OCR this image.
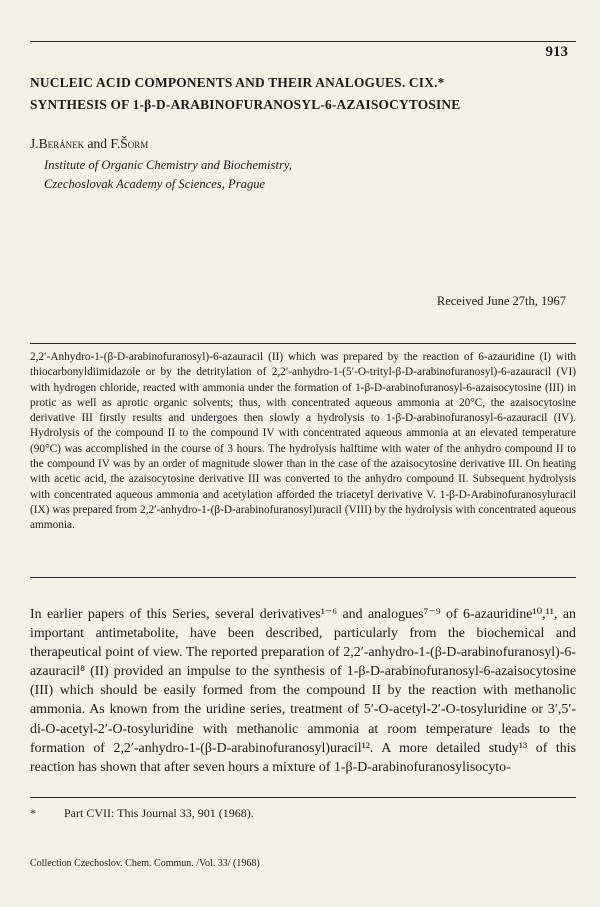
913
NUCLEIC ACID COMPONENTS AND THEIR ANALOGUES. CIX.*
SYNTHESIS OF 1-β-D-ARABINOFURANOSYL-6-AZAISOCYTOSINE
J.Beránek and F.Šorm
Institute of Organic Chemistry and Biochemistry,
Czechoslovak Academy of Sciences, Prague
Received June 27th, 1967

2,2′-Anhydro-1-(β-D-arabinofuranosyl)-6-azauracil (II) which was prepared by the reaction of 6-azauridine (I) with thiocarbonyldiimidazole or by the detritylation of 2,2′-anhydro-1-(5′-O-trityl-β-D-arabinofuranosyl)-6-azauracil (VI) with hydrogen chloride, reacted with ammonia under the formation of 1-β-D-arabinofuranosyl-6-azaisocytosine (III) in protic as well as aprotic organic solvents; thus, with concentrated aqueous ammonia at 20°C, the azaisocytosine derivative III firstly results and undergoes then slowly a hydrolysis to 1-β-D-arabinofuranosyl-6-azauracil (IV). Hydrolysis of the compound II to the compound IV with concentrated aqueous ammonia at an elevated temperature (90°C) was accomplished in the course of 3 hours. The hydrolysis halftime with water of the anhydro compound II to the compound IV was by an order of magnitude slower than in the case of the azaisocytosine derivative III. On heating with acetic acid, the azaisocytosine derivative III was converted to the anhydro compound II. Subsequent hydrolysis with concentrated aqueous ammonia and acetylation afforded the triacetyl derivative V. 1-β-D-Arabinofuranosyluracil (IX) was prepared from 2,2′-anhydro-1-(β-D-arabinofuranosyl)uracil (VIII) by the hydrolysis with concentrated aqueous ammonia.

In earlier papers of this Series, several derivatives¹⁻⁶ and analogues⁷⁻⁹ of 6-azauridine¹⁰,¹¹, an important antimetabolite, have been described, particularly from the biochemical and therapeutical point of view. The reported preparation of 2,2′-anhydro-1-(β-D-arabinofuranosyl)-6-azauracil⁸ (II) provided an impulse to the synthesis of 1-β-D-arabinofuranosyl-6-azaisocytosine (III) which should be easily formed from the compound II by the reaction with methanolic ammonia. As known from the uridine series, treatment of 5′-O-acetyl-2′-O-tosyluridine or 3′,5′-di-O-acetyl-2′-O-tosyluridine with methanolic ammonia at room temperature leads to the formation of 2,2′-anhydro-1-(β-D-arabinofuranosyl)uracil¹². A more detailed study¹³ of this reaction has shown that after seven hours a mixture of 1-β-D-arabinofuranosylisocyto-

* Part CVII: This Journal 33, 901 (1968).
Collection Czechoslov. Chem. Commun. /Vol. 33/ (1968)
